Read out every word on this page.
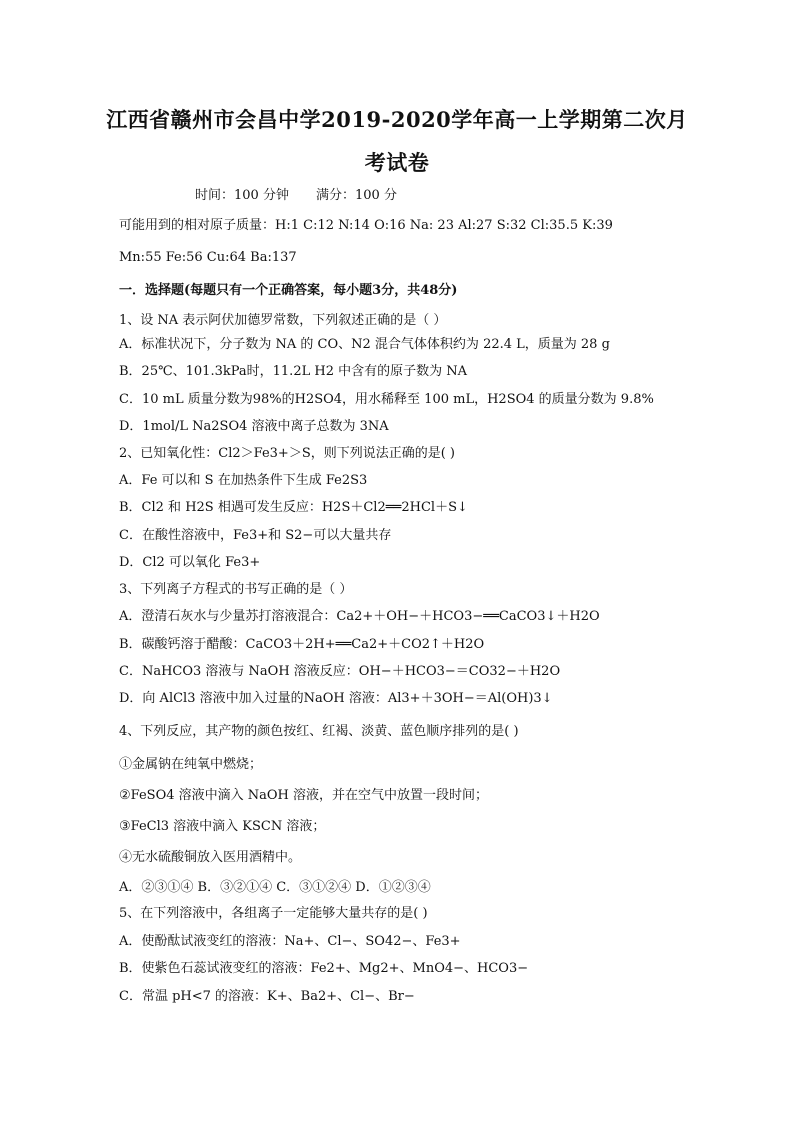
江西省赣州市会昌中学2019-2020学年高一上学期第二次月
考试卷
时间：100 分钟 满分：100 分
可能用到的相对原子质量：H:1 C:12 N:14 O:16 Na: 23 Al:27 S:32 Cl:35.5 K:39
Mn:55 Fe:56 Cu:64 Ba:137
一．选择题(每题只有一个正确答案，每小题3分，共48分)
1、设 NA 表示阿伏加德罗常数，下列叙述正确的是（ ）
A．标准状况下，分子数为 NA 的 CO、N2 混合气体体积约为 22.4 L，质量为 28 g
B．25℃、101.3kPa时，11.2L H2 中含有的原子数为 NA
C．10 mL 质量分数为98%的H2SO4，用水稀释至 100 mL，H2SO4 的质量分数为 9.8%
D．1mol/L Na2SO4 溶液中离子总数为 3NA
2、已知氧化性：Cl2＞Fe3+＞S，则下列说法正确的是( )
A．Fe 可以和 S 在加热条件下生成 Fe2S3
B．Cl2 和 H2S 相遇可发生反应：H2S＋Cl2══2HCl＋S↓
C．在酸性溶液中，Fe3+和 S2−可以大量共存
D．Cl2 可以氧化 Fe3+
3、下列离子方程式的书写正确的是（ ）
A．澄清石灰水与少量苏打溶液混合：Ca2+＋OH−＋HCO3−══CaCO3↓＋H2O
B．碳酸钙溶于醋酸：CaCO3＋2H+══Ca2+＋CO2↑＋H2O
C．NaHCO3 溶液与 NaOH 溶液反应：OH−＋HCO3−＝CO32−＋H2O
D．向 AlCl3 溶液中加入过量的NaOH 溶液：Al3+＋3OH−＝Al(OH)3↓
4、下列反应，其产物的颜色按红、红褐、淡黄、蓝色顺序排列的是( )
①金属钠在纯氧中燃烧；
②FeSO4 溶液中滴入 NaOH 溶液，并在空气中放置一段时间；
③FeCl3 溶液中滴入 KSCN 溶液；
④无水硫酸铜放入医用酒精中。
A．②③①④ B．③②①④ C．③①②④ D．①②③④
5、在下列溶液中，各组离子一定能够大量共存的是( )
A．使酚酞试液变红的溶液：Na+、Cl−、SO42−、Fe3+
B．使紫色石蕊试液变红的溶液：Fe2+、Mg2+、MnO4−、HCO3−
C．常温 pH<7 的溶液：K+、Ba2+、Cl−、Br−
